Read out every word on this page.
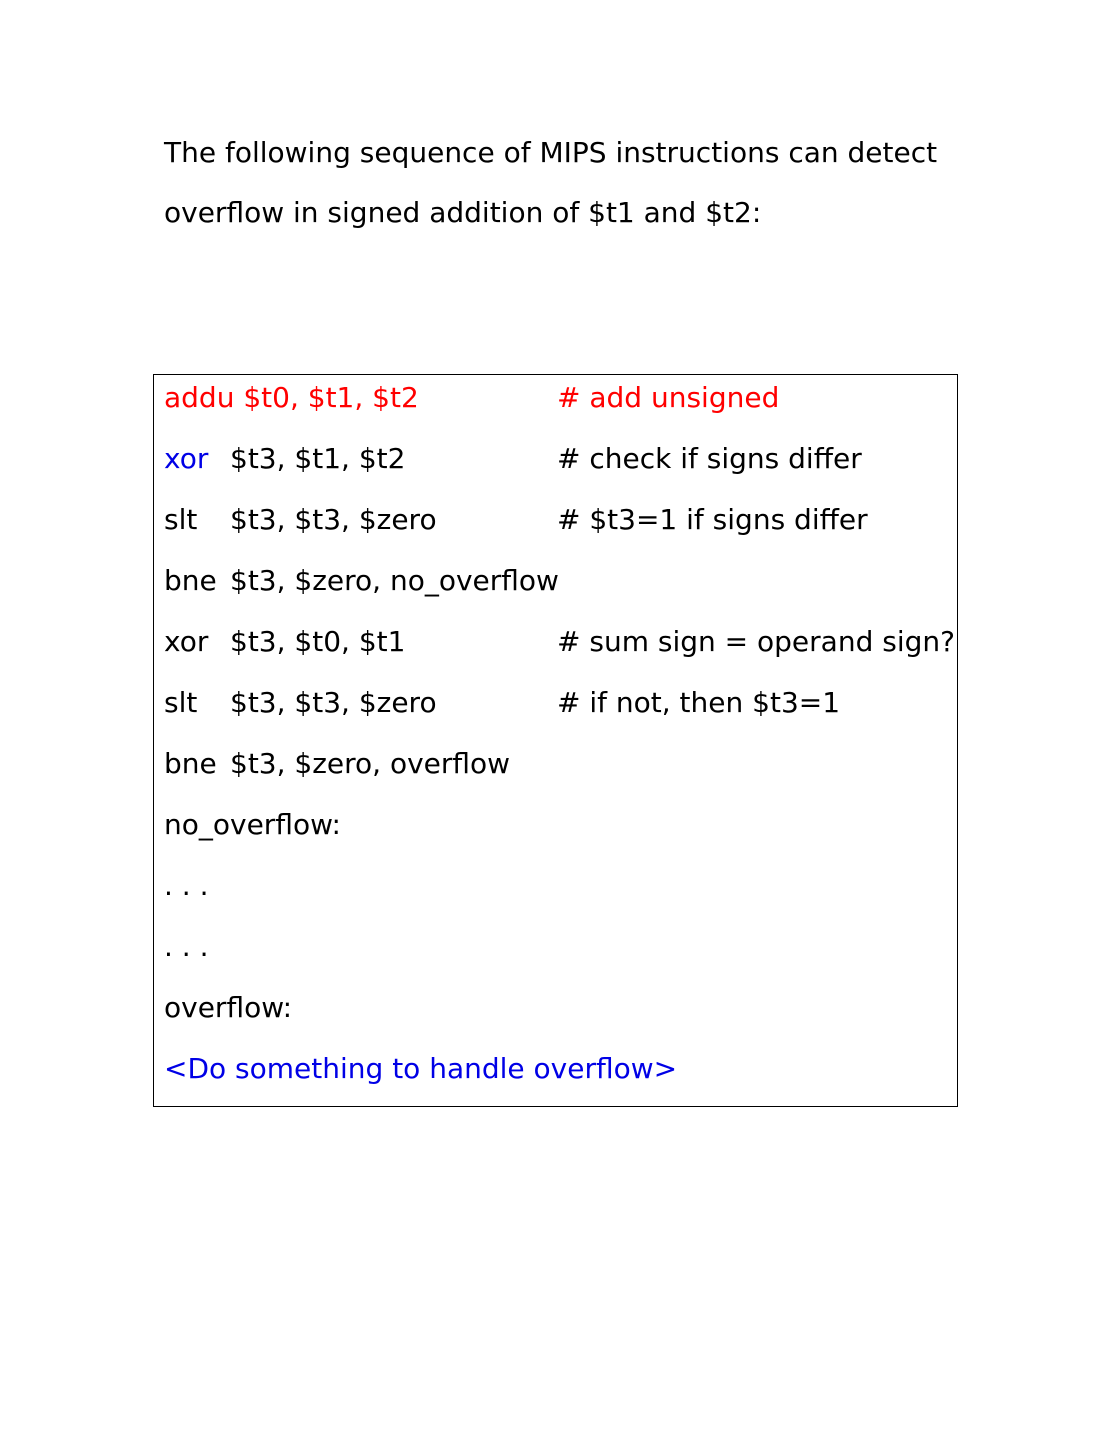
The following sequence of MIPS instructions can detect
overflow in signed addition of $t1 and $t2:
addu $t0, $t1, $t2	# add unsigned
xor $t3, $t1, $t2	# check if signs differ
slt $t3, $t3, $zero	# $t3=1 if signs differ
bne $t3, $zero, no_overflow
xor $t3, $t0, $t1	# sum sign = operand sign?
slt $t3, $t3, $zero	# if not, then $t3=1
bne $t3, $zero, overflow
no_overflow:
. . .
. . .
overflow:
<Do something to handle overflow>
